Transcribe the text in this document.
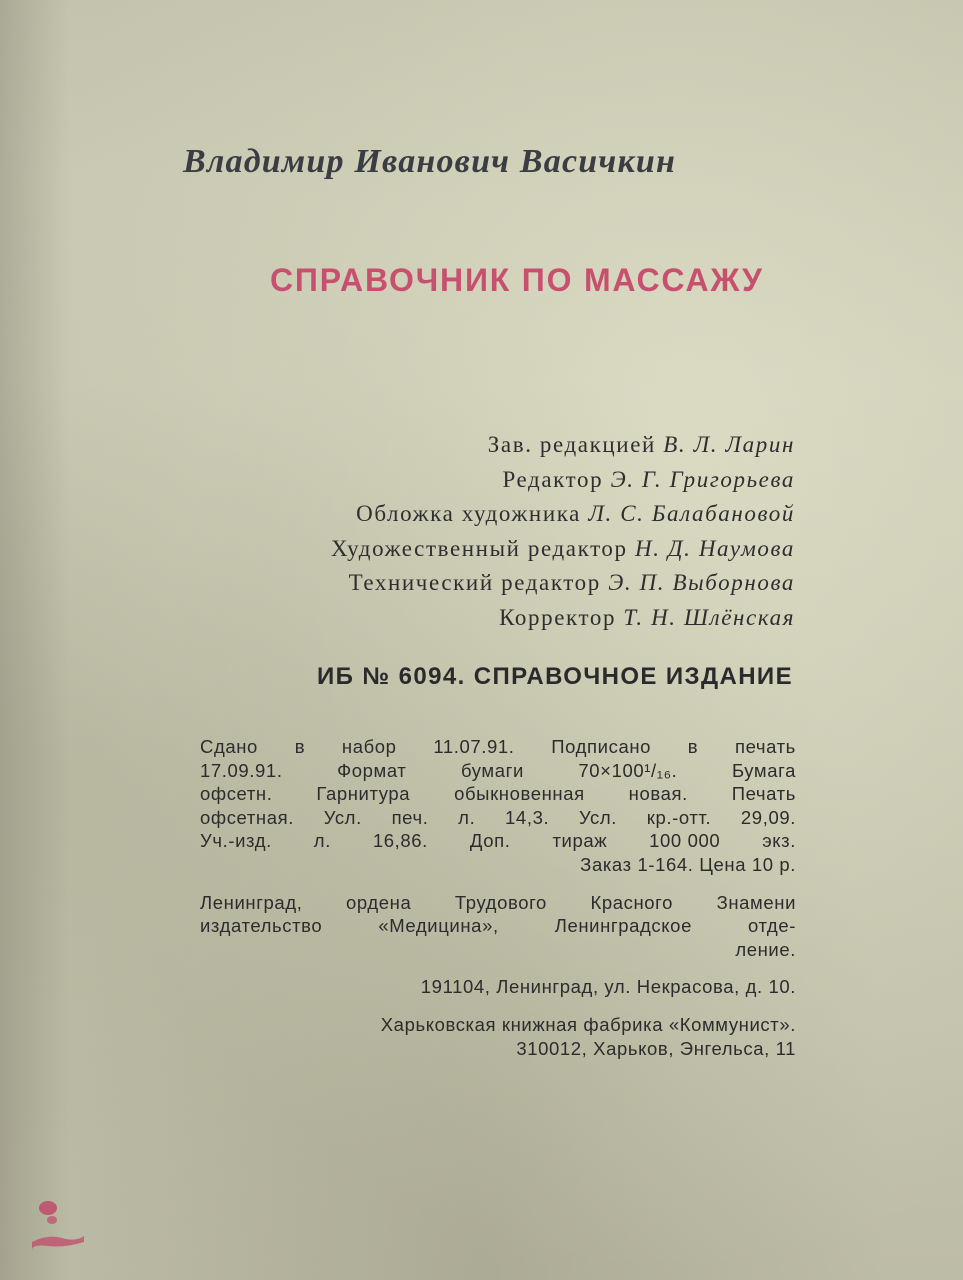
Владимир Иванович Васичкин
СПРАВОЧНИК ПО МАССАЖУ
Зав. редакцией В. Л. Ларин
Редактор Э. Г. Григорьева
Обложка художника Л. С. Балабановой
Художественный редактор Н. Д. Наумова
Технический редактор Э. П. Выборнова
Корректор Т. Н. Шлёнская
ИБ № 6094. СПРАВОЧНОЕ ИЗДАНИЕ
Сдано в набор 11.07.91. Подписано в печать
17.09.91.	Формат	бумаги	70×100¹/₁₆.	Бумага
офсетн. Гарнитура обыкновенная новая. Печать
офсетная. Усл. печ. л. 14,3. Усл. кр.-отт. 29,09.
Уч.-изд. л. 16,86. Доп. тираж 100 000 экз.
Заказ 1-164. Цена 10 р.
Ленинград, ордена Трудового Красного Знамени
издательство	«Медицина»,	Ленинградское	отде-
ление.
191104, Ленинград, ул. Некрасова, д. 10.
Харьковская книжная фабрика «Коммунист».
310012, Харьков, Энгельса, 11
